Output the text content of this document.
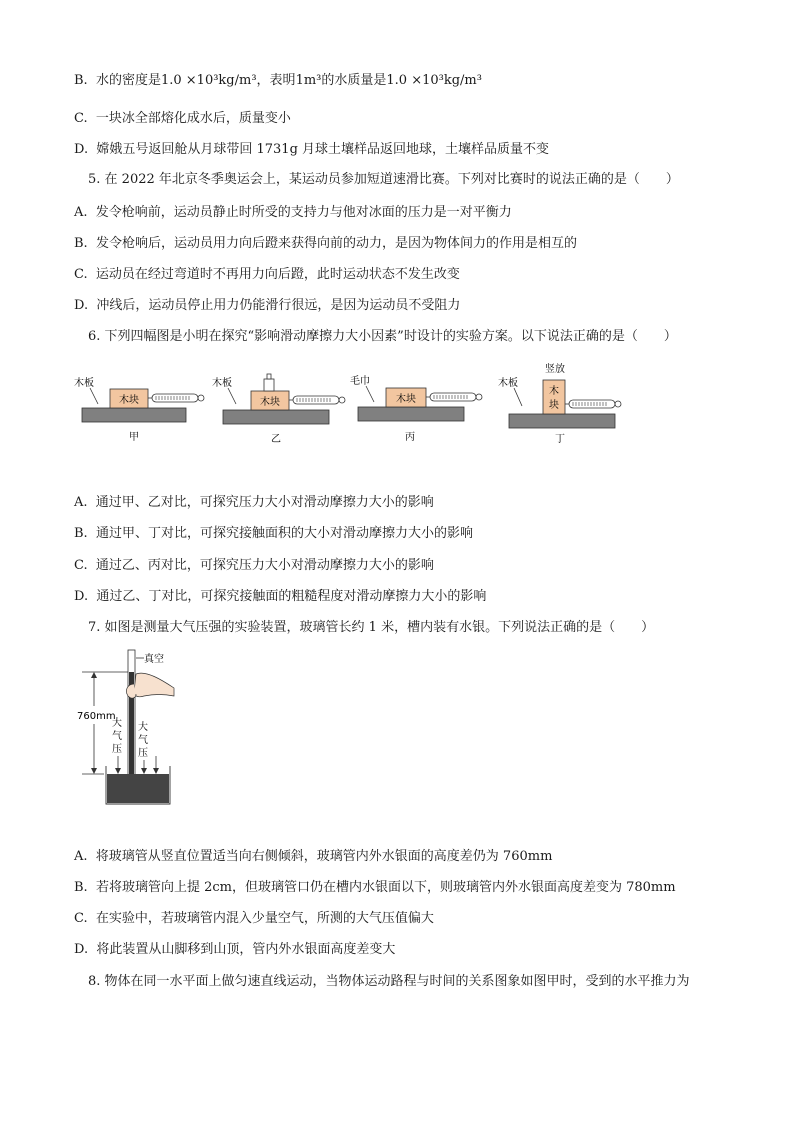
B. 水的密度是1.0 ×10³kg/m³，表明1m³的水质量是1.0 ×10³kg/m³
C. 一块冰全部熔化成水后，质量变小
D. 嫦娥五号返回舱从月球带回 1731g 月球土壤样品返回地球，土壤样品质量不变
5. 在 2022 年北京冬季奥运会上，某运动员参加短道速滑比赛。下列对比赛时的说法正确的是（　　）
A. 发令枪响前，运动员静止时所受的支持力与他对冰面的压力是一对平衡力
B. 发令枪响后，运动员用力向后蹬来获得向前的动力，是因为物体间力的作用是相互的
C. 运动员在经过弯道时不再用力向后蹬，此时运动状态不发生改变
D. 冲线后，运动员停止用力仍能滑行很远，是因为运动员不受阻力
6. 下列四幅图是小明在探究“影响滑动摩擦力大小因素”时设计的实验方案。以下说法正确的是（　　）
木板
木块
甲
木板
木块
乙
毛巾
木块
丙
木板
竖放
木
块
丁
A. 通过甲、乙对比，可探究压力大小对滑动摩擦力大小的影响
B. 通过甲、丁对比，可探究接触面积的大小对滑动摩擦力大小的影响
C. 通过乙、丙对比，可探究压力大小对滑动摩擦力大小的影响
D. 通过乙、丁对比，可探究接触面的粗糙程度对滑动摩擦力大小的影响
7. 如图是测量大气压强的实验装置，玻璃管长约 1 米，槽内装有水银。下列说法正确的是（　　）
760mm
真空
大
气
压
大
气
压
A. 将玻璃管从竖直位置适当向右侧倾斜，玻璃管内外水银面的高度差仍为 760mm
B. 若将玻璃管向上提 2cm，但玻璃管口仍在槽内水银面以下，则玻璃管内外水银面高度差变为 780mm
C. 在实验中，若玻璃管内混入少量空气，所测的大气压值偏大
D. 将此装置从山脚移到山顶，管内外水银面高度差变大
8. 物体在同一水平面上做匀速直线运动，当物体运动路程与时间的关系图象如图甲时，受到的水平推力为
